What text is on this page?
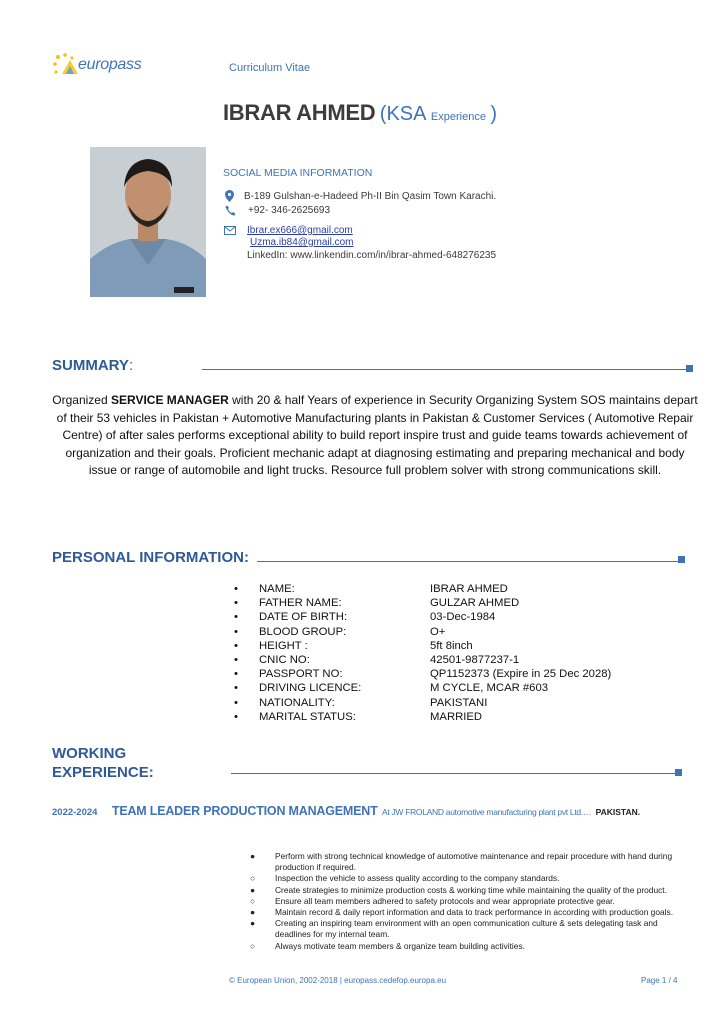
europass	Curriculum Vitae
IBRAR AHMED (KSA Experience )
SOCIAL MEDIA INFORMATION
B-189 Gulshan-e-Hadeed Ph-II Bin Qasim Town Karachi.
+92- 346-2625693
Ibrar.ex666@gmail.com
Uzma.ib84@gmail.com
LinkedIn: www.linkendin.com/in/ibrar-ahmed-648276235
SUMMARY:
Organized SERVICE MANAGER with 20 & half Years of experience in Security Organizing System SOS maintains depart of their 53 vehicles in Pakistan + Automotive Manufacturing plants in Pakistan & Customer Services ( Automotive Repair Centre) of after sales performs exceptional ability to build report inspire trust and guide teams towards achievement of organization and their goals. Proficient mechanic adapt at diagnosing estimating and preparing mechanical and body issue or range of automobile and light trucks. Resource full problem solver with strong communications skill.
PERSONAL INFORMATION:
•	NAME:	IBRAR AHMED
•	FATHER NAME:	GULZAR AHMED
•	DATE OF BIRTH:	03-Dec-1984
•	BLOOD GROUP:	O+
•	HEIGHT :	5ft 8inch
•	CNIC NO:	42501-9877237-1
•	PASSPORT NO:	QP1152373 (Expire in 25 Dec 2028)
•	DRIVING LICENCE:	M CYCLE, MCAR #603
•	NATIONALITY:	PAKISTANI
•	MARITAL STATUS:	MARRIED
WORKING
EXPERIENCE:
2022-2024 TEAM LEADER PRODUCTION MANAGEMENT At JW FROLAND automotive manufacturing plant pvt Ltd.… PAKISTAN.
● Perform with strong technical knowledge of automotive maintenance and repair procedure with hand during production if required.
○ Inspection the vehicle to assess quality according to the company standards.
● Create strategies to minimize production costs & working time while maintaining the quality of the product.
○ Ensure all team members adhered to safety protocols and wear appropriate protective gear.
● Maintain record & daily report information and data to track performance in according with production goals.
● Creating an inspiring team environment with an open communication culture & sets delegating task and deadlines for my internal team.
○ Always motivate team members & organize team building activities.
© European Union, 2002-2018 | europass.cedefop.europa.eu	Page 1 / 4
